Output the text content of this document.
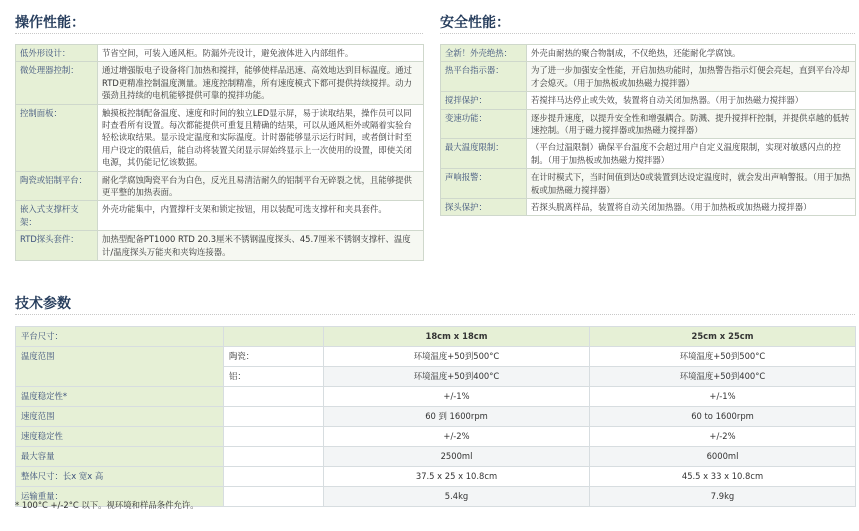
操作性能：	安全性能：
低外形设计：	节省空间，可装入通风柜。防漏外壳设计，避免液体进入内部组件。
微处理器控制：	通过增强版电子设备将门加热和搅拌，能够使样品迅速、高效地达到目标温度。通过RTD更精准控制温度测量。速度控制精准，所有速度模式下都可提供持续搅拌。动力强劲且持续的电机能够提供可靠的搅拌功能。
控制面板：	触摸板控制配备温度、速度和时间的独立LED显示屏，易于读取结果，操作员可以同时查看所有设置。每次都能提供可重复且精确的结果，可以从通风柜外或隔着实验台轻松读取结果。显示设定温度和实际温度。计时器能够显示运行时间，或者倒计时至用户设定的限值后，能自动将装置关闭显示屏始终显示上一次使用的设置，即使关闭电源，其仍能记忆该数据。
陶瓷或铝制平台：	耐化学腐蚀陶瓷平台为白色，反光且易清洁耐久的铝制平台无碎裂之忧，且能够提供更平整的加热表面。
嵌入式支撑杆支架：	外壳功能集中，内置撑杆支架和锁定按钮，用以装配可选支撑杆和夹具套件。
RTD探头套件：	加热型配备PT1000 RTD 20.3厘米不锈钢温度探头、45.7厘米不锈钢支撑杆、温度计/温度探头万能夹和夹钩连接器。
全新！外壳绝热：	外壳由耐热的聚合物制成，不仅绝热，还能耐化学腐蚀。
热平台指示器：	为了进一步加强安全性能，开启加热功能时，加热警告指示灯便会亮起，直到平台冷却才会熄灭。（用于加热板或加热磁力搅拌器）
搅拌保护：	若搅拌马达停止或失效，装置将自动关闭加热器。（用于加热磁力搅拌器）
变速功能：	逐步提升速度，以提升安全性和增强耦合。防溅、提升搅拌杆控制，并提供卓越的低转速控制。（用于磁力搅拌器或加热磁力搅拌器）
最大温度限制：	（平台过温限制）确保平台温度不会超过用户自定义温度限制，实现对敏感闪点的控制。（用于加热板或加热磁力搅拌器）
声响报警：	在计时模式下，当时间值到达0或装置到达设定温度时，就会发出声响警报。（用于加热板或加热磁力搅拌器）
探头保护：	若探头脱离样品，装置将自动关闭加热器。（用于加热板或加热磁力搅拌器）
技术参数
平台尺寸：		18cm x 18cm	25cm x 25cm
温度范围	陶瓷：	环境温度+50到500°C	环境温度+50到500°C
	铝：	环境温度+50到400°C	环境温度+50到400°C
温度稳定性*		+/-1%	+/-1%
速度范围		60 到 1600rpm	60 to 1600rpm
速度稳定性		+/-2%	+/-2%
最大容量		2500ml	6000ml
整体尺寸：长x 宽x 高		37.5 x 25 x 10.8cm	45.5 x 33 x 10.8cm
运输重量：		5.4kg	7.9kg
* 100°C +/-2°C 以下。视环境和样品条件允许。
